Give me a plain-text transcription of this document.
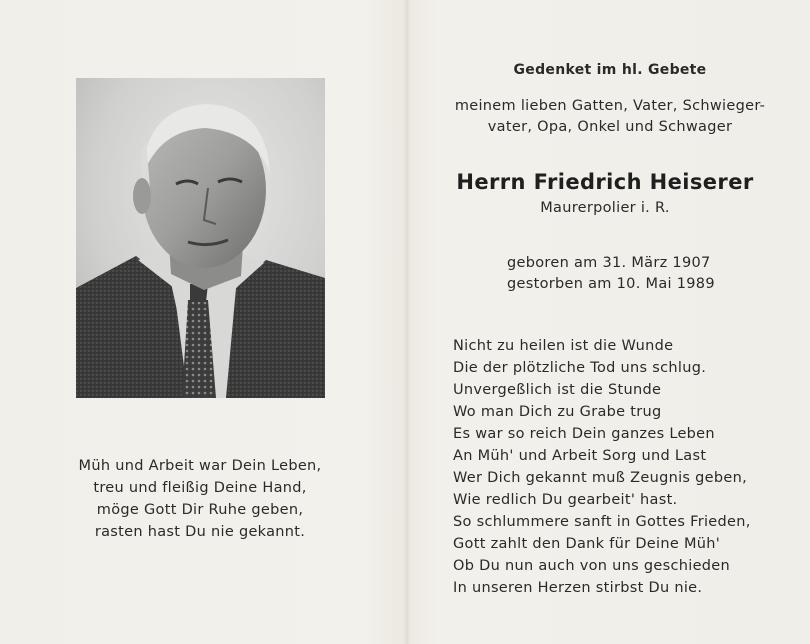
Müh und Arbeit war Dein Leben,
treu und fleißig Deine Hand,
möge Gott Dir Ruhe geben,
rasten hast Du nie gekannt.
Gedenket im hl. Gebete
meinem lieben Gatten, Vater, Schwieger-
vater, Opa, Onkel und Schwager
Herrn Friedrich Heiserer
Maurerpolier i. R.
geboren am 31. März 1907
gestorben am 10. Mai 1989
Nicht zu heilen ist die Wunde
Die der plötzliche Tod uns schlug.
Unvergeßlich ist die Stunde
Wo man Dich zu Grabe trug
Es war so reich Dein ganzes Leben
An Müh' und Arbeit Sorg und Last
Wer Dich gekannt muß Zeugnis geben,
Wie redlich Du gearbeit' hast.
So schlummere sanft in Gottes Frieden,
Gott zahlt den Dank für Deine Müh'
Ob Du nun auch von uns geschieden
In unseren Herzen stirbst Du nie.
